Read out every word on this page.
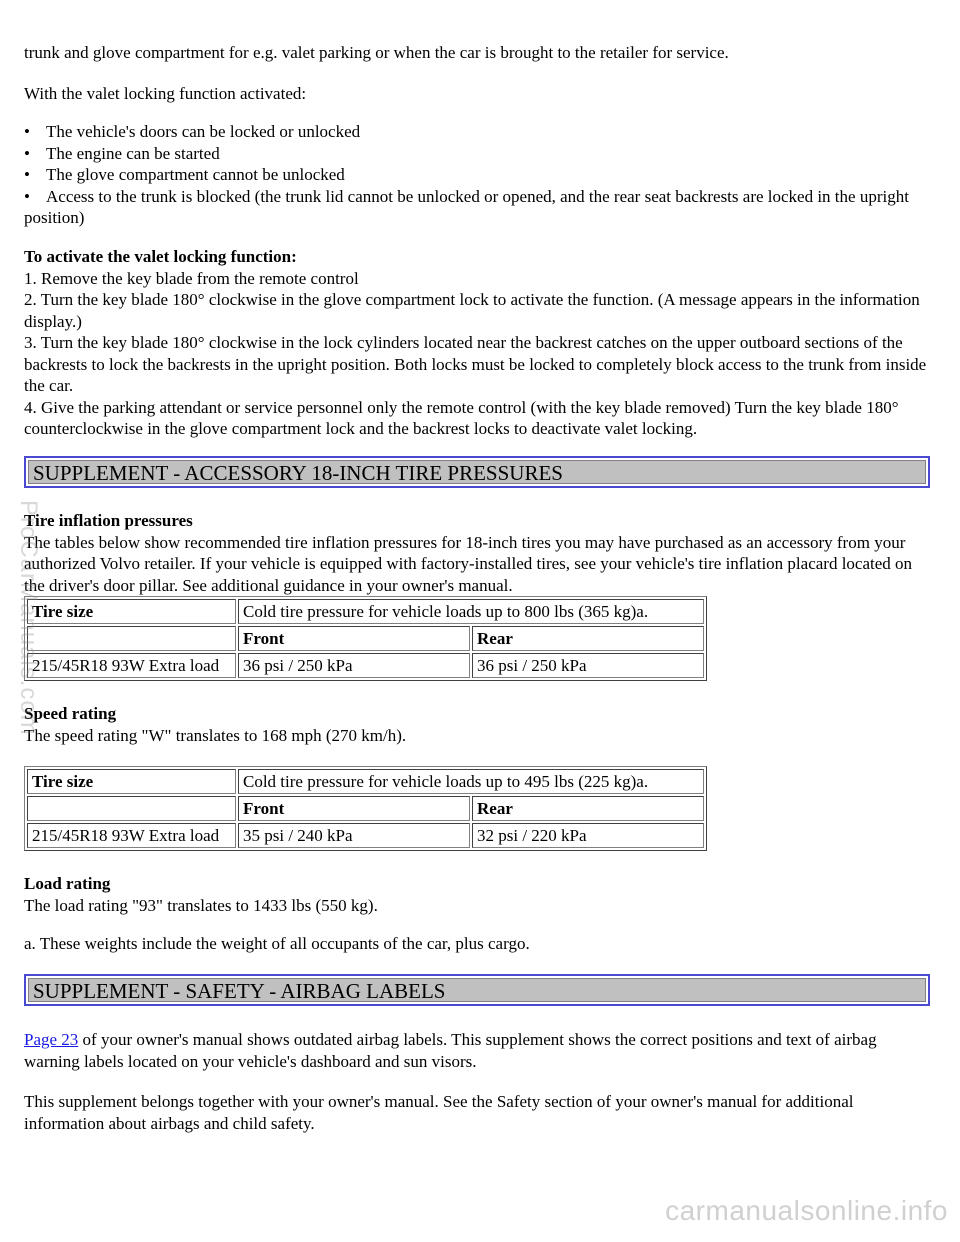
trunk and glove compartment for e.g. valet parking or when the car is brought to the retailer for service.

With the valet locking function activated:

• The vehicle's doors can be locked or unlocked
• The engine can be started
• The glove compartment cannot be unlocked
• Access to the trunk is blocked (the trunk lid cannot be unlocked or opened, and the rear seat backrests are locked in the upright position)

To activate the valet locking function:

1. Remove the key blade from the remote control

2. Turn the key blade 180° clockwise in the glove compartment lock to activate the function. (A message appears in the information display.)

3. Turn the key blade 180° clockwise in the lock cylinders located near the backrest catches on the upper outboard sections of the backrests to lock the backrests in the upright position. Both locks must be locked to completely block access to the trunk from inside the car.

4. Give the parking attendant or service personnel only the remote control (with the key blade removed) Turn the key blade 180° counterclockwise in the glove compartment lock and the backrest locks to deactivate valet locking.

SUPPLEMENT - ACCESSORY 18-INCH TIRE PRESSURES

Tire inflation pressures

The tables below show recommended tire inflation pressures for 18-inch tires you may have purchased as an accessory from your authorized Volvo retailer. If your vehicle is equipped with factory-installed tires, see your vehicle's tire inflation placard located on the driver's door pillar. See additional guidance in your owner's manual.

Tire size	Cold tire pressure for vehicle loads up to 800 lbs (365 kg)a.	
	Front	Rear
215/45R18 93W Extra load	36 psi / 250 kPa	36 psi / 250 kPa

Speed rating

The speed rating "W" translates to 168 mph (270 km/h).

Tire size	Cold tire pressure for vehicle loads up to 495 lbs (225 kg)a.	
	Front	Rear
215/45R18 93W Extra load	35 psi / 240 kPa	32 psi / 220 kPa

Load rating

The load rating "93" translates to 1433 lbs (550 kg).

a. These weights include the weight of all occupants of the car, plus cargo.

SUPPLEMENT - SAFETY - AIRBAG LABELS

Page 23 of your owner's manual shows outdated airbag labels. This supplement shows the correct positions and text of airbag warning labels located on your vehicle's dashboard and sun visors.

This supplement belongs together with your owner's manual. See the Safety section of your owner's manual for additional information about airbags and child safety.

ProCarManuals.com
carmanualsonline.info
